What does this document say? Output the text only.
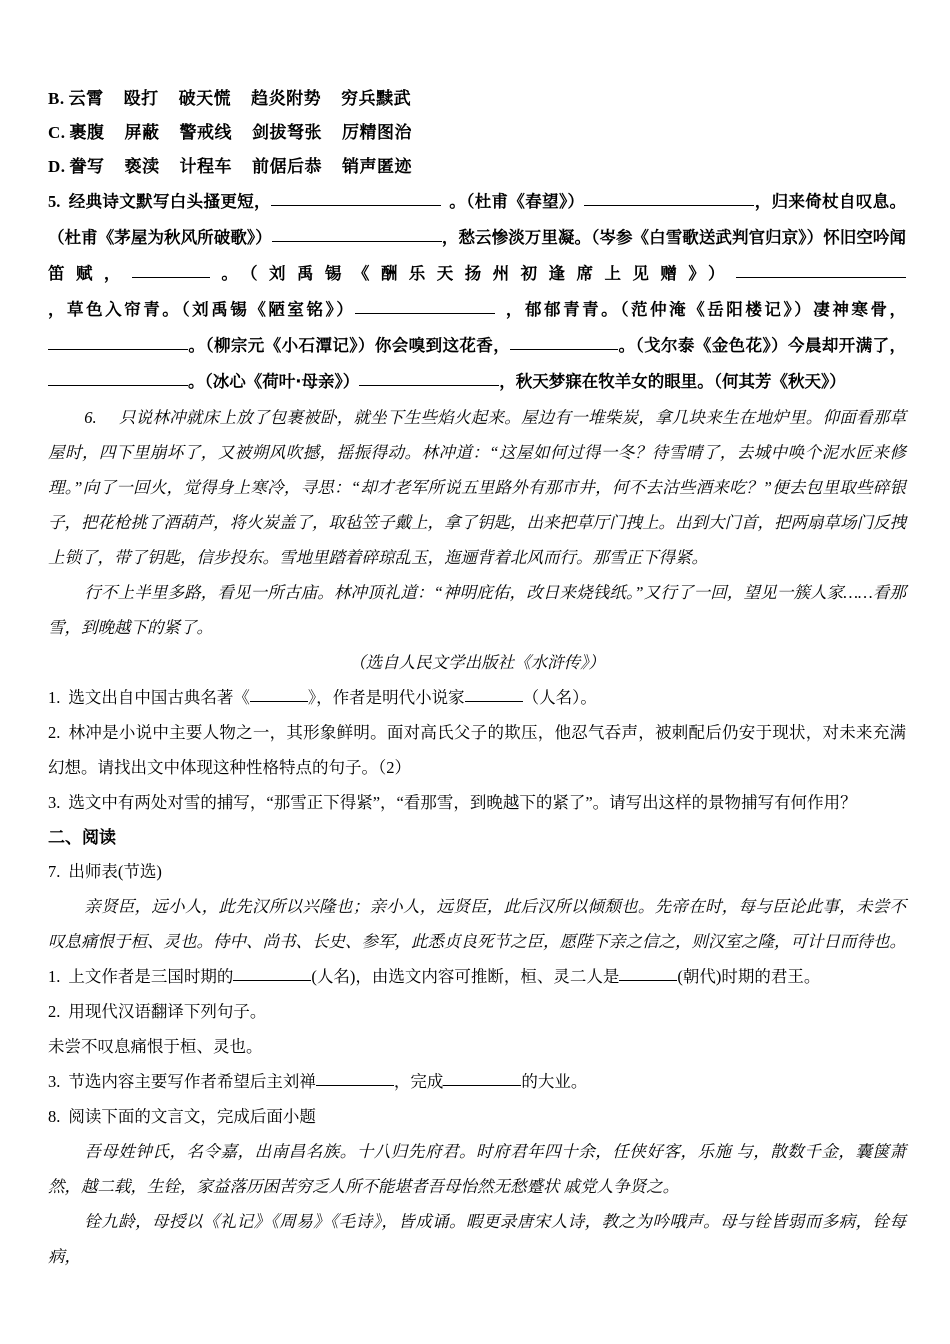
B. 云霄 殴打 破天慌 趋炎附势 穷兵黩武
C. 裹腹 屏蔽 警戒线 剑拔弩张 厉精图治
D. 誊写 亵渎 计程车 前倨后恭 销声匿迹
5. 经典诗文默写白头搔更短，	。（杜甫《春望》）	，归来倚杖自叹息。（杜甫《茅屋为秋风所破歌》）	，愁云惨淡万里凝。（岑参《白雪歌送武判官归京》）怀旧空吟闻笛赋，	。（刘禹锡《酬乐天扬州初逢席上见赠》），草色入帘青。（刘禹锡《陋室铭》）	，郁郁青青。（范仲淹《岳阳楼记》）凄神寒骨，。（柳宗元《小石潭记》）你会嗅到这花香，	。（戈尔泰《金色花》）今晨却开满了，。（冰心《荷叶·母亲》）	，秋天梦寐在牧羊女的眼里。（何其芳《秋天》）
6. 只说林冲就床上放了包裹被卧，就坐下生些焰火起来。屋边有一堆柴炭，拿几块来生在地炉里。仰面看那草屋时，四下里崩坏了，又被朔风吹撼，摇振得动。林冲道：“这屋如何过得一冬？待雪晴了，去城中唤个泥水匠来修理。”向了一回火，觉得身上寒冷，寻思：“却才老军所说五里路外有那市井，何不去沽些酒来吃？”便去包里取些碎银子，把花枪挑了酒葫芦，将火炭盖了，取毡笠子戴上，拿了钥匙，出来把草厅门拽上。出到大门首，把两扇草场门反拽上锁了，带了钥匙，信步投东。雪地里踏着碎琼乱玉，迤逦背着北风而行。那雪正下得紧。
行不上半里多路，看见一所古庙。林冲顶礼道：“神明庇佑，改日来烧钱纸。”又行了一回，望见一簇人家……看那雪，到晚越下的紧了。
（选自人民文学出版社《水浒传》）
1. 选文出自中国古典名著《	》，作者是明代小说家	（人名）。
2. 林冲是小说中主要人物之一，其形象鲜明。面对高氏父子的欺压，他忍气吞声，被刺配后仍安于现状，对未来充满幻想。请找出文中体现这种性格特点的句子。（2）
3. 选文中有两处对雪的捕写，“那雪正下得紧”，“看那雪，到晚越下的紧了”。请写出这样的景物捕写有何作用？
二、阅读
7. 出师表(节选)
亲贤臣，远小人，此先汉所以兴隆也；亲小人，远贤臣，此后汉所以倾颓也。先帝在时，每与臣论此事，未尝不叹息痛恨于桓、灵也。侍中、尚书、长史、参军，此悉贞良死节之臣，愿陛下亲之信之，则汉室之隆，可计日而待也。
1. 上文作者是三国时期的	(人名)，由选文内容可推断，桓、灵二人是	(朝代)时期的君王。
2. 用现代汉语翻译下列句子。
未尝不叹息痛恨于桓、灵也。
3. 节选内容主要写作者希望后主刘禅	，完成	的大业。
8. 阅读下面的文言文，完成后面小题
吾母姓钟氏，名令嘉，出南昌名族。十八归先府君。时府君年四十余，任侠好客，乐施 与，散数千金，囊箧萧然，越二载，生铨，家益落历困苦穷乏人所不能堪者吾母怡然无愁蹙状 戚党人争贤之。
铨九龄，母授以《礼记》《周易》《毛诗》，皆成诵。暇更录唐宋人诗，教之为吟哦声。母与铨皆弱而多病，铨每病，
